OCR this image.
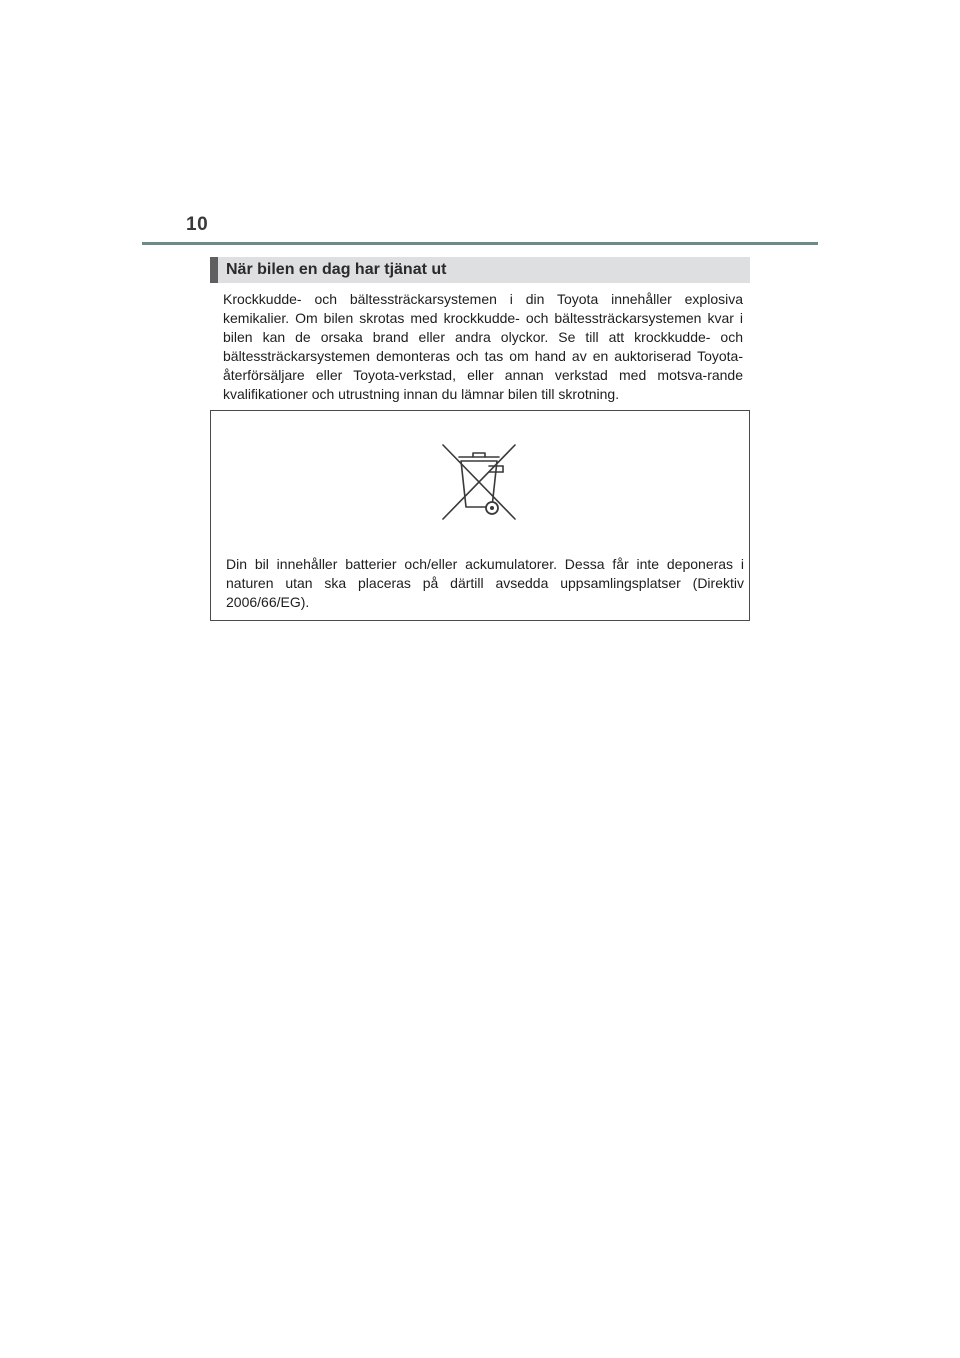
10
När bilen en dag har tjänat ut

Krockkudde- och bältessträckarsystemen i din Toyota innehåller explosiva kemikalier. Om bilen skrotas med krockkudde- och bältessträckarsystemen kvar i bilen kan de orsaka brand eller andra olyckor. Se till att krockkudde- och bältessträckarsystemen demonteras och tas om hand av en auktoriserad Toyota-återförsäljare eller Toyota-verkstad, eller annan verkstad med motsva-rande kvalifikationer och utrustning innan du lämnar bilen till skrotning.

Din bil innehåller batterier och/eller ackumulatorer. Dessa får inte deponeras i naturen utan ska placeras på därtill avsedda uppsamlingsplatser (Direktiv 2006/66/EG).
